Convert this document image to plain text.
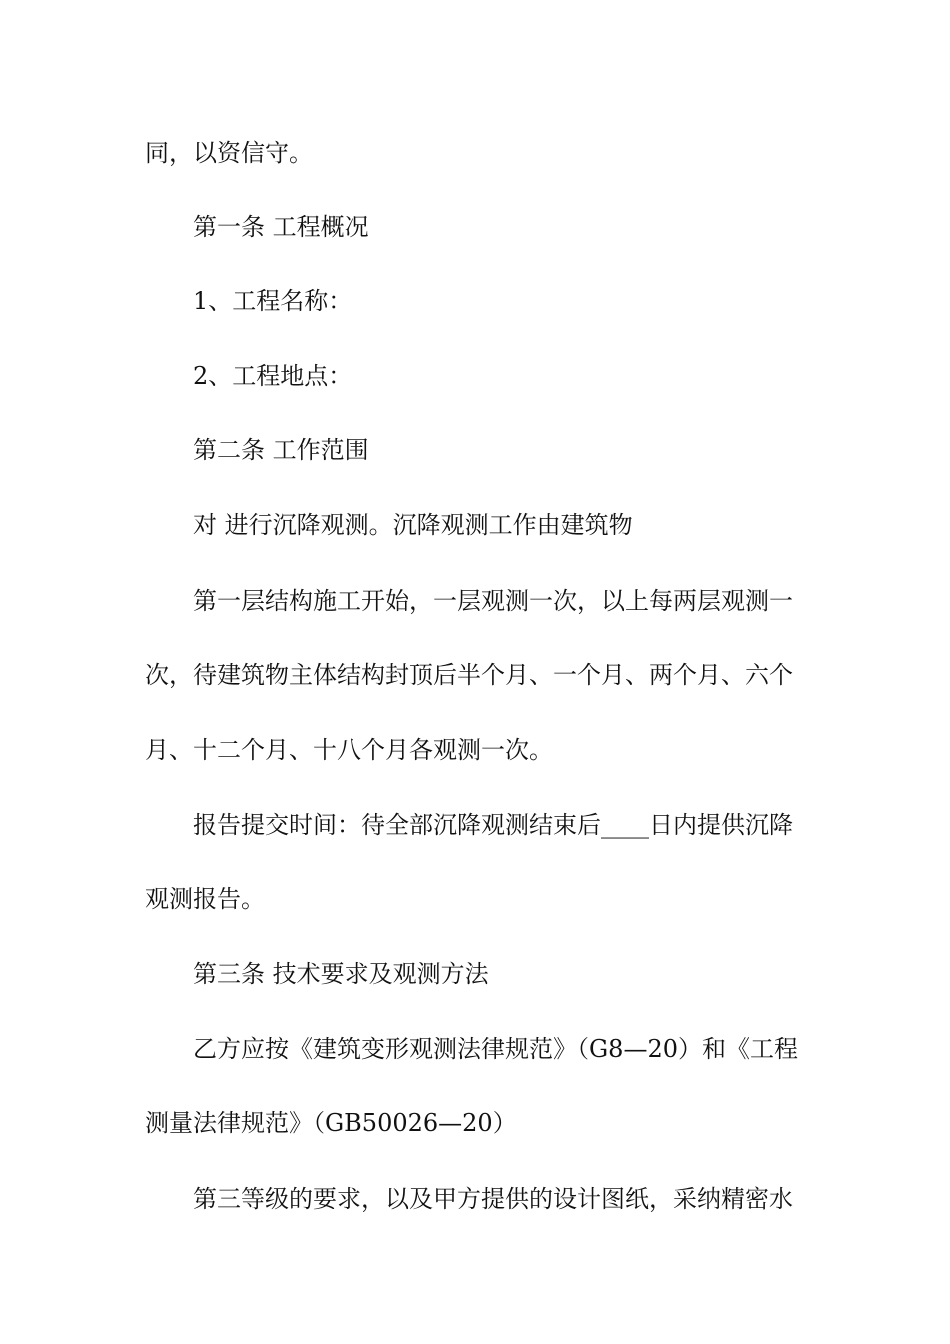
同，以资信守。
第一条 工程概况
1、工程名称：
2、工程地点：
第二条 工作范围
对 进行沉降观测。沉降观测工作由建筑物
第一层结构施工开始，一层观测一次，以上每两层观测一
次，待建筑物主体结构封顶后半个月、一个月、两个月、六个
月、十二个月、十八个月各观测一次。
报告提交时间：待全部沉降观测结束后____日内提供沉降
观测报告。
第三条 技术要求及观测方法
乙方应按《建筑变形观测法律规范》（G8—20）和《工程
测量法律规范》（GB50026—20）
第三等级的要求，以及甲方提供的设计图纸，采纳精密水
